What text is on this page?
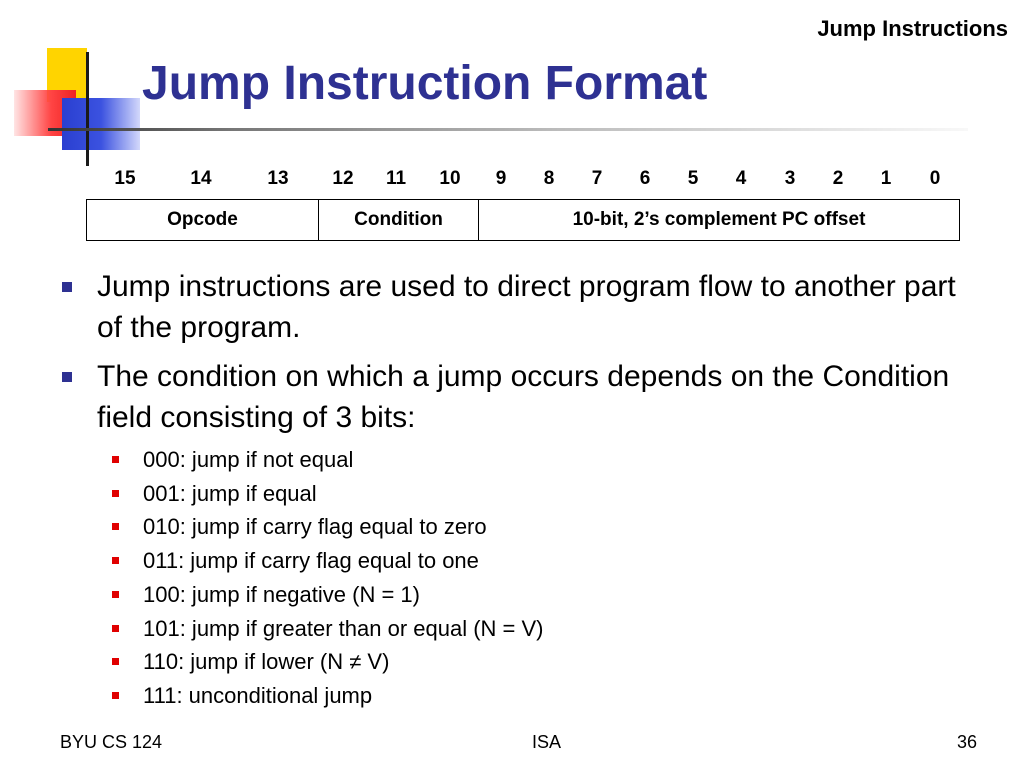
Jump Instructions
Jump Instruction Format
15	14	13 12 11 10 9 8 7 6 5 4 3 2 1 0
Opcode	Condition	10-bit, 2’s complement PC offset
Jump instructions are used to direct program flow to another part of the program.
The condition on which a jump occurs depends on the Condition field consisting of 3 bits:
000: jump if not equal
001: jump if equal
010: jump if carry flag equal to zero
011: jump if carry flag equal to one
100: jump if negative (N = 1)
101: jump if greater than or equal (N = V)
110: jump if lower (N ≠ V)
111: unconditional jump
BYU CS 124	ISA	36
